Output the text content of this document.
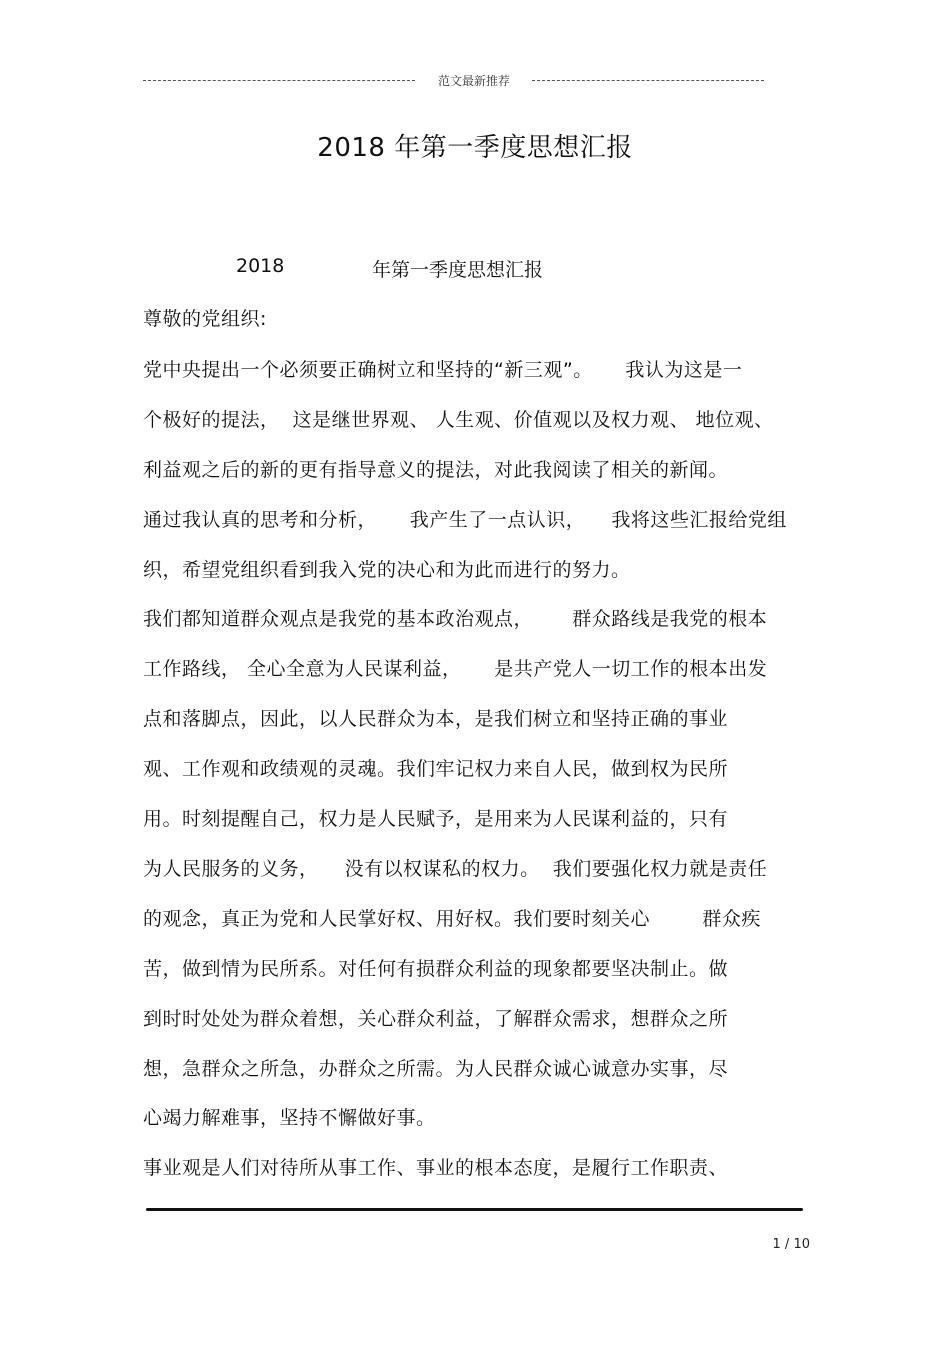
范文最新推荐
2018 年第一季度思想汇报
2018	年第一季度思想汇报
尊敬的党组织:
党中央提出一个必须要正确树立和坚持的“新三观”。     我认为这是一
个极好的提法，  这是继世界观、 人生观、价值观以及权力观、 地位观、
利益观之后的新的更有指导意义的提法，对此我阅读了相关的新闻。
通过我认真的思考和分析，     我产生了一点认识，    我将这些汇报给党组
织，希望党组织看到我入党的决心和为此而进行的努力。
我们都知道群众观点是我党的基本政治观点，      群众路线是我党的根本
工作路线， 全心全意为人民谋利益，     是共产党人一切工作的根本出发
点和落脚点，因此，以人民群众为本，是我们树立和坚持正确的事业
观、工作观和政绩观的灵魂。我们牢记权力来自人民，做到权为民所
用。时刻提醒自己，权力是人民赋予，是用来为人民谋利益的，只有
为人民服务的义务，    没有以权谋私的权力。  我们要强化权力就是责任
的观念，真正为党和人民掌好权、用好权。我们要时刻关心        群众疾
苦，做到情为民所系。对任何有损群众利益的现象都要坚决制止。做
到时时处处为群众着想，关心群众利益，了解群众需求，想群众之所
想，急群众之所急，办群众之所需。为人民群众诚心诚意办实事，尽
心竭力解难事，坚持不懈做好事。
事业观是人们对待所从事工作、事业的根本态度，是履行工作职责、
1 / 10
